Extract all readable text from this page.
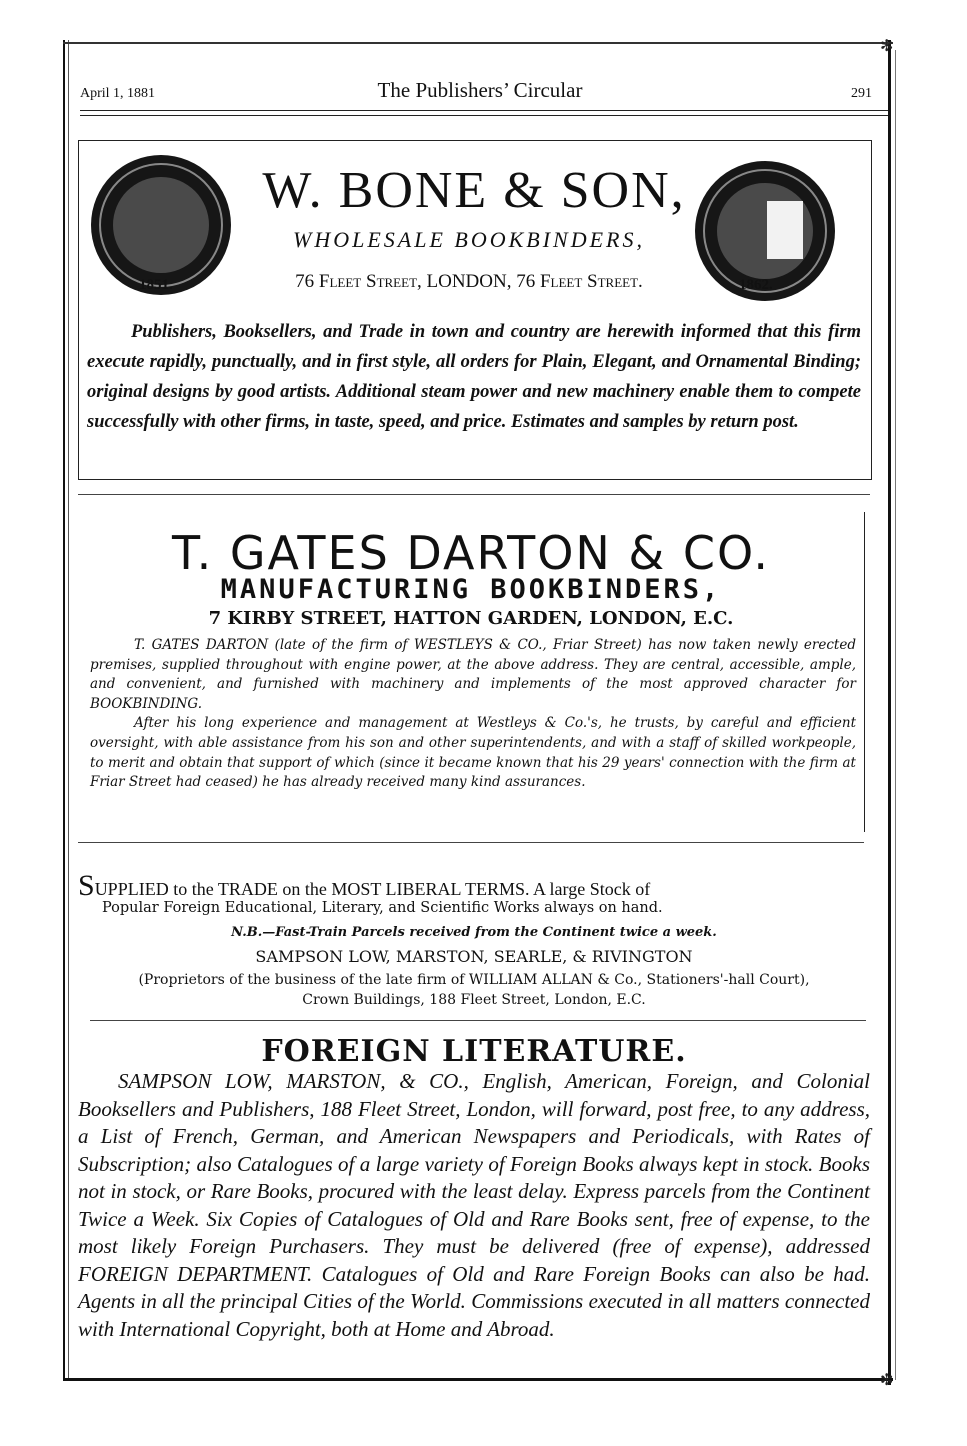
✻
✻
April 1, 1881	The Publishers’ Circular	291
W. BONE & SON,
WHOLESALE BOOKBINDERS,
1851.	76 Fleet Street, LONDON, 76 Fleet Street.	1862.
Publishers, Booksellers, and Trade in town and country are herewith informed that this firm execute rapidly, punctually, and in first style, all orders for Plain, Elegant, and Ornamental Binding; original designs by good artists. Additional steam power and new machinery enable them to compete successfully with other firms, in taste, speed, and price. Estimates and samples by return post.
T. GATES DARTON & CO.
MANUFACTURING BOOKBINDERS,
7 KIRBY STREET, HATTON GARDEN, LONDON, E.C.

T. GATES DARTON (late of the firm of WESTLEYS & CO., Friar Street) has now taken newly erected premises, supplied throughout with engine power, at the above address. They are central, accessible, ample, and convenient, and furnished with machinery and implements of the most approved character for BOOKBINDING.

After his long experience and management at Westleys & Co.'s, he trusts, by careful and efficient oversight, with able assistance from his son and other superintendents, and with a staff of skilled workpeople, to merit and obtain that support of which (since it became known that his 29 years' connection with the firm at Friar Street had ceased) he has already received many kind assurances.

SUPPLIED to the TRADE on the MOST LIBERAL TERMS. A large Stock of
Popular Foreign Educational, Literary, and Scientific Works always on hand.
N.B.—Fast-Train Parcels received from the Continent twice a week.
SAMPSON LOW, MARSTON, SEARLE, & RIVINGTON
(Proprietors of the business of the late firm of WILLIAM ALLAN & Co., Stationers'-hall Court),
Crown Buildings, 188 Fleet Street, London, E.C.
FOREIGN LITERATURE.
SAMPSON LOW, MARSTON, & CO., English, American, Foreign, and Colonial Booksellers and Publishers, 188 Fleet Street, London, will forward, post free, to any address, a List of French, German, and American Newspapers and Periodicals, with Rates of Subscription; also Catalogues of a large variety of Foreign Books always kept in stock. Books not in stock, or Rare Books, procured with the least delay. Express parcels from the Continent Twice a Week. Six Copies of Catalogues of Old and Rare Books sent, free of expense, to the most likely Foreign Purchasers. They must be delivered (free of expense), addressed FOREIGN DEPARTMENT. Catalogues of Old and Rare Foreign Books can also be had. Agents in all the principal Cities of the World. Commissions executed in all matters connected with International Copyright, both at Home and Abroad.
